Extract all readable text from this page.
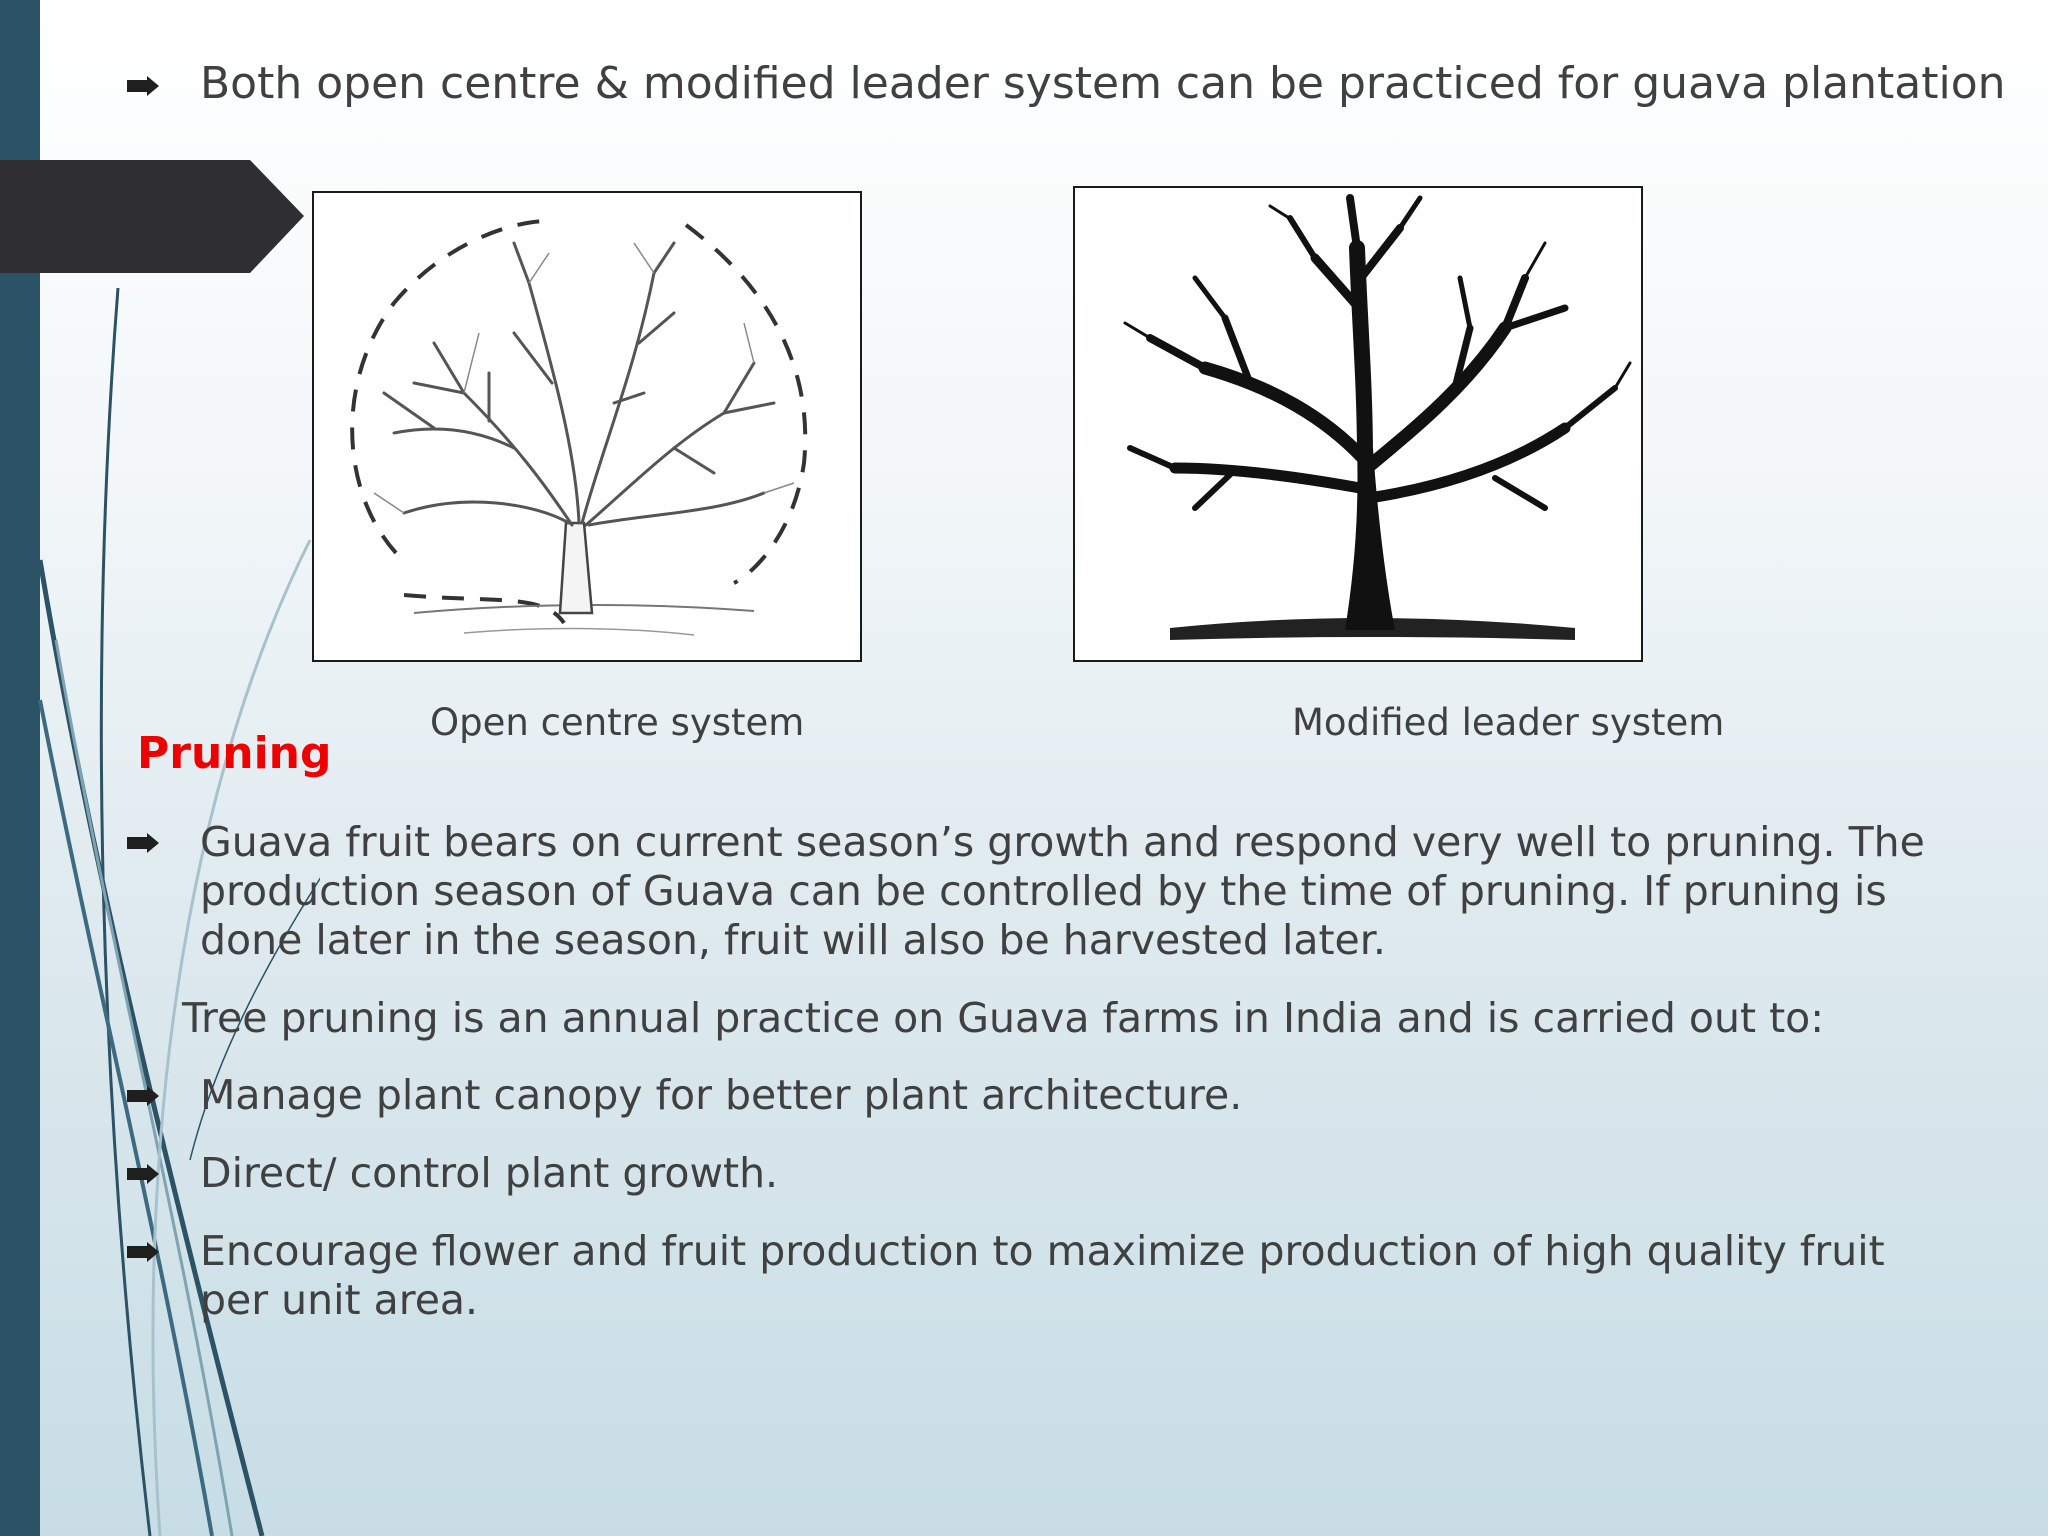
Both open centre & modified leader system can be practiced for guava plantation

Open centre system	Modified leader system

Pruning

Guava fruit bears on current season’s growth and respond very well to pruning. The

production season of Guava can be controlled by the time of pruning. If pruning is

done later in the season, fruit will also be harvested later.

Tree pruning is an annual practice on Guava farms in India and is carried out to:

Manage plant canopy for better plant architecture.

Direct/ control plant growth.

Encourage flower and fruit production to maximize production of high quality fruit

per unit area.
